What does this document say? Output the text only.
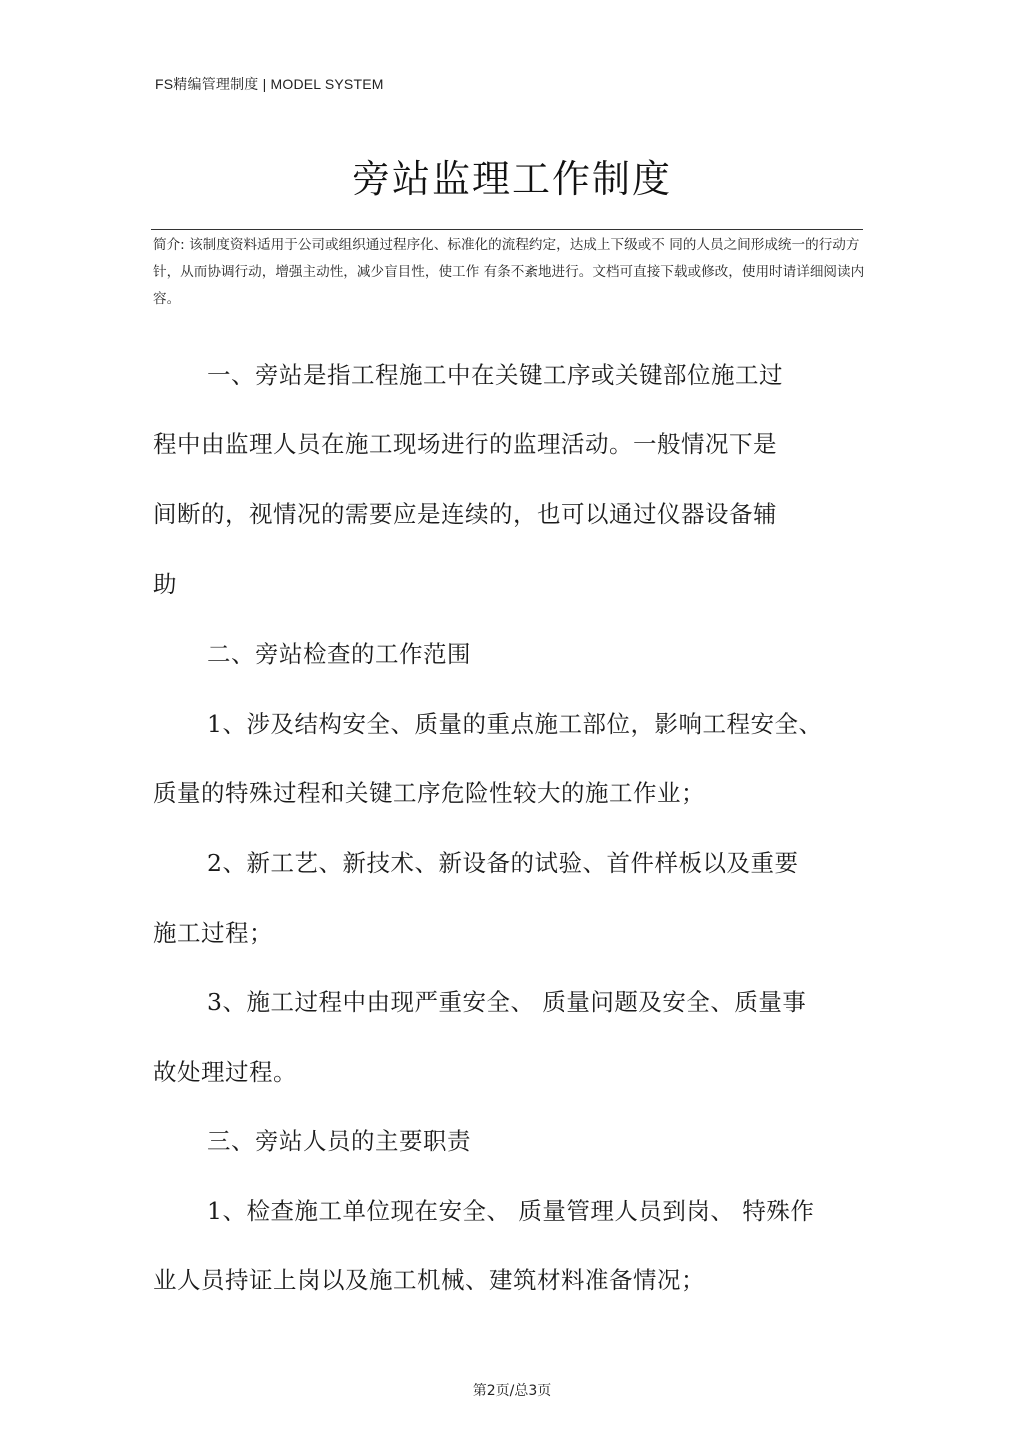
FS精编管理制度 | MODEL SYSTEM
旁站监理工作制度

简介: 该制度资料适用于公司或组织通过程序化、标准化的流程约定，达成上下级或不 同的人员之间形成统一的行动方针，从而协调行动，增强主动性，减少盲目性，使工作 有条不紊地进行。文档可直接下载或修改，使用时请详细阅读内容。

一、旁站是指工程施工中在关键工序或关键部位施工过

程中由监理人员在施工现场进行的监理活动。一般情况下是

间断的，视情况的需要应是连续的，也可以通过仪器设备辅

助

二、旁站检查的工作范围

1、涉及结构安全、质量的重点施工部位，影响工程安全、

质量的特殊过程和关键工序危险性较大的施工作业；

2、新工艺、新技术、新设备的试验、首件样板以及重要

施工过程；

3、施工过程中由现严重安全、 质量问题及安全、质量事

故处理过程。

三、旁站人员的主要职责

1、检查施工单位现在安全、 质量管理人员到岗、 特殊作

业人员持证上岗以及施工机械、建筑材料准备情况；

第2页/总3页
